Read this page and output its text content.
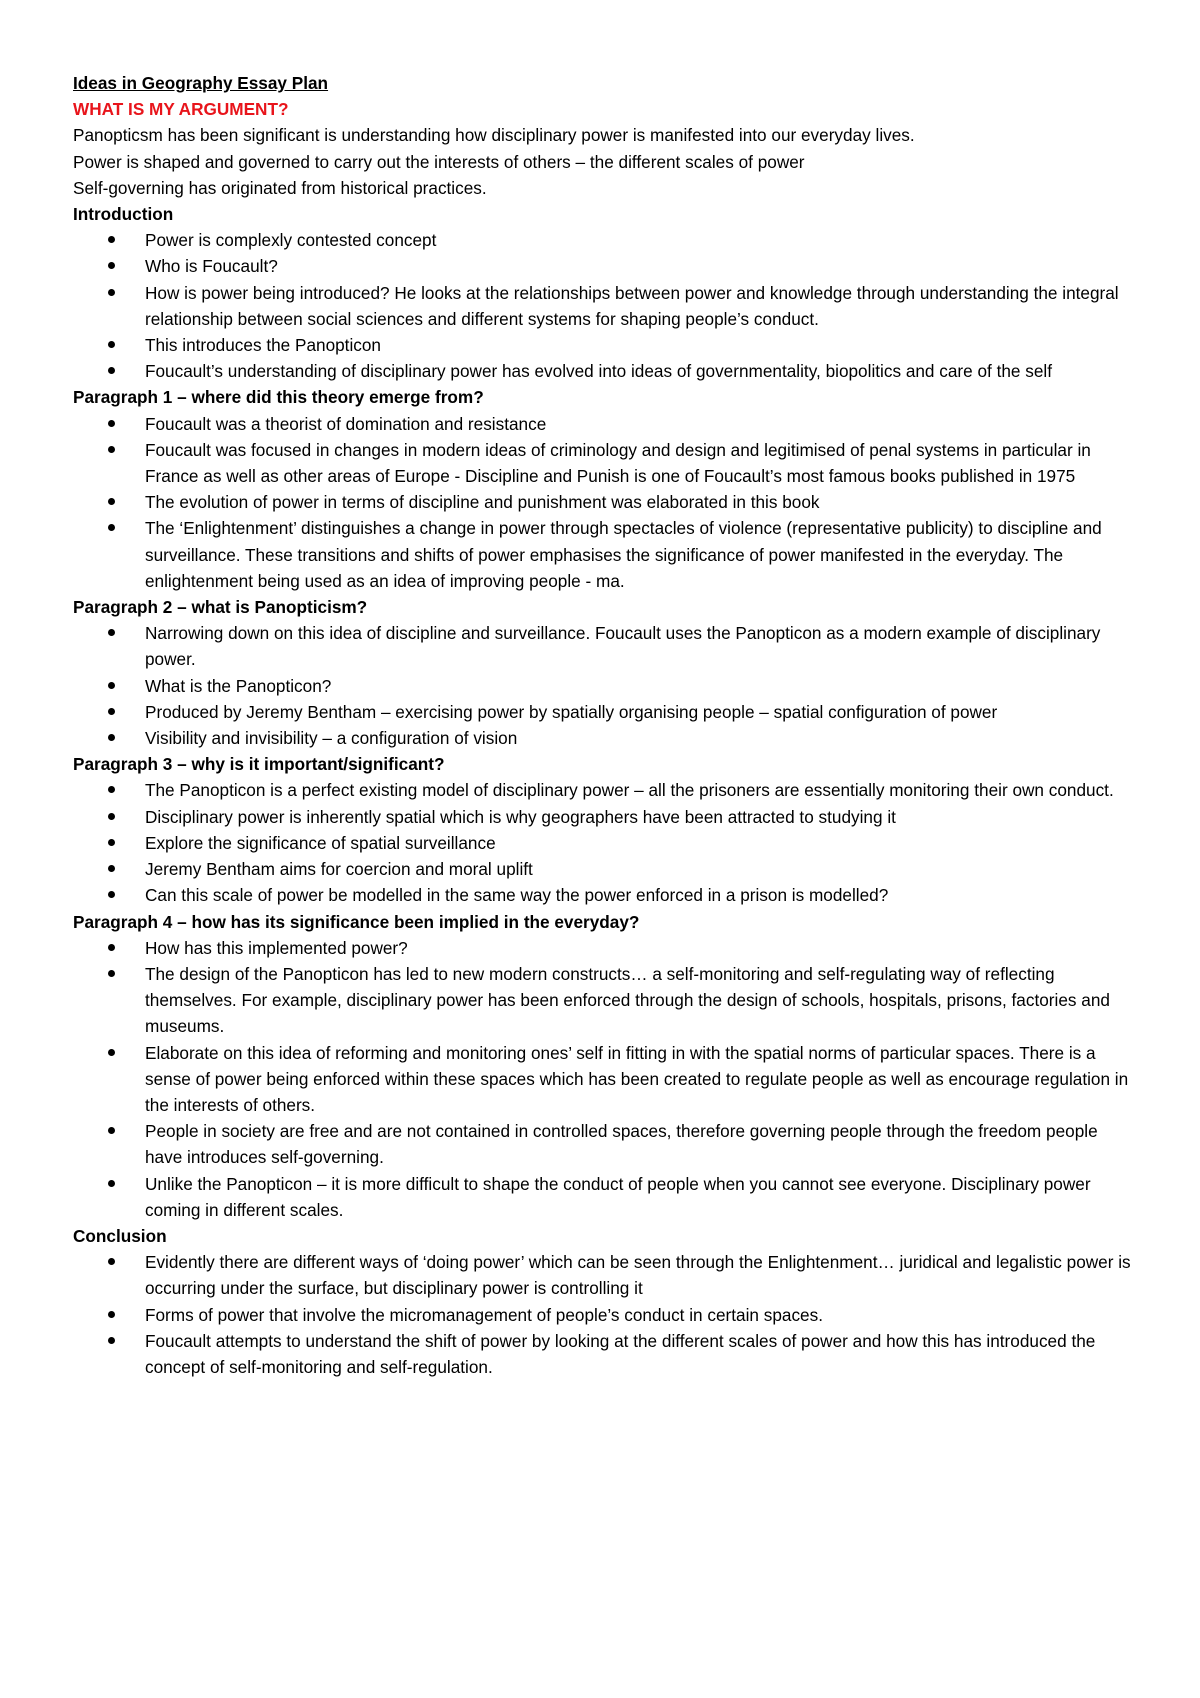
Ideas in Geography Essay Plan

WHAT IS MY ARGUMENT?

Panopticsm has been significant is understanding how disciplinary power is manifested into our everyday lives.

Power is shaped and governed to carry out the interests of others – the different scales of power

Self-governing has originated from historical practices.

Introduction

Power is complexly contested concept
Who is Foucault?
How is power being introduced? He looks at the relationships between power and knowledge through understanding the integral relationship between social sciences and different systems for shaping people’s conduct.
This introduces the Panopticon
Foucault’s understanding of disciplinary power has evolved into ideas of governmentality, biopolitics and care of the self

Paragraph 1 – where did this theory emerge from?

Foucault was a theorist of domination and resistance
Foucault was focused in changes in modern ideas of criminology and design and legitimised of penal systems in particular in France as well as other areas of Europe - Discipline and Punish is one of Foucault’s most famous books published in 1975
The evolution of power in terms of discipline and punishment was elaborated in this book
The ‘Enlightenment’ distinguishes a change in power through spectacles of violence (representative publicity) to discipline and surveillance. These transitions and shifts of power emphasises the significance of power manifested in the everyday. The enlightenment being used as an idea of improving people - ma.

Paragraph 2 – what is Panopticism?

Narrowing down on this idea of discipline and surveillance. Foucault uses the Panopticon as a modern example of disciplinary power.
What is the Panopticon?
Produced by Jeremy Bentham – exercising power by spatially organising people – spatial configuration of power
Visibility and invisibility – a configuration of vision

Paragraph 3 – why is it important/significant?

The Panopticon is a perfect existing model of disciplinary power – all the prisoners are essentially monitoring their own conduct.
Disciplinary power is inherently spatial which is why geographers have been attracted to studying it
Explore the significance of spatial surveillance
Jeremy Bentham aims for coercion and moral uplift
Can this scale of power be modelled in the same way the power enforced in a prison is modelled?

Paragraph 4 – how has its significance been implied in the everyday?

How has this implemented power?
The design of the Panopticon has led to new modern constructs… a self-monitoring and self-regulating way of reflecting themselves. For example, disciplinary power has been enforced through the design of schools, hospitals, prisons, factories and museums.
Elaborate on this idea of reforming and monitoring ones’ self in fitting in with the spatial norms of particular spaces. There is a sense of power being enforced within these spaces which has been created to regulate people as well as encourage regulation in the interests of others.
People in society are free and are not contained in controlled spaces, therefore governing people through the freedom people have introduces self-governing.
Unlike the Panopticon – it is more difficult to shape the conduct of people when you cannot see everyone. Disciplinary power coming in different scales.

Conclusion

Evidently there are different ways of ‘doing power’ which can be seen through the Enlightenment… juridical and legalistic power is occurring under the surface, but disciplinary power is controlling it
Forms of power that involve the micromanagement of people’s conduct in certain spaces.
Foucault attempts to understand the shift of power by looking at the different scales of power and how this has introduced the concept of self-monitoring and self-regulation.
